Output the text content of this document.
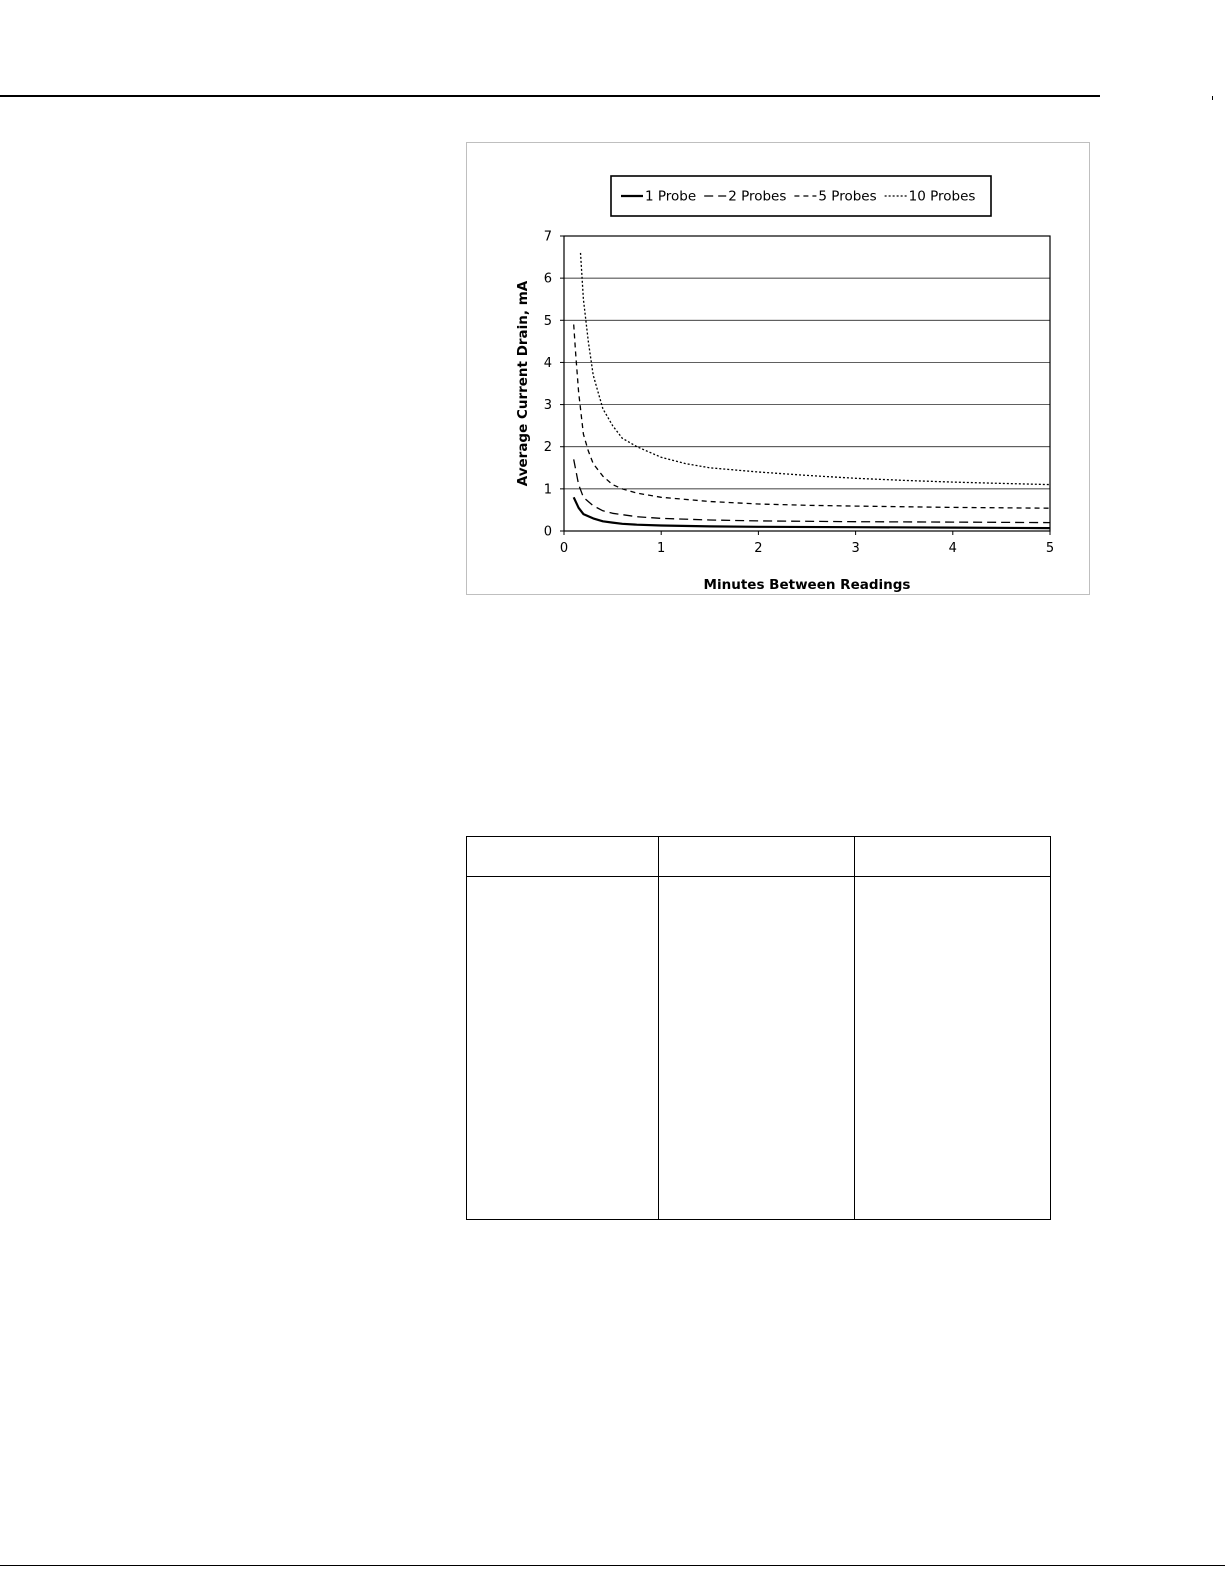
0
1
2
3
4
5
6
7
0	1	2	3	4	5
Minutes Between Readings
Average Current Drain, mA
1 Probe 2 Probes 5 Probes 10 Probes
